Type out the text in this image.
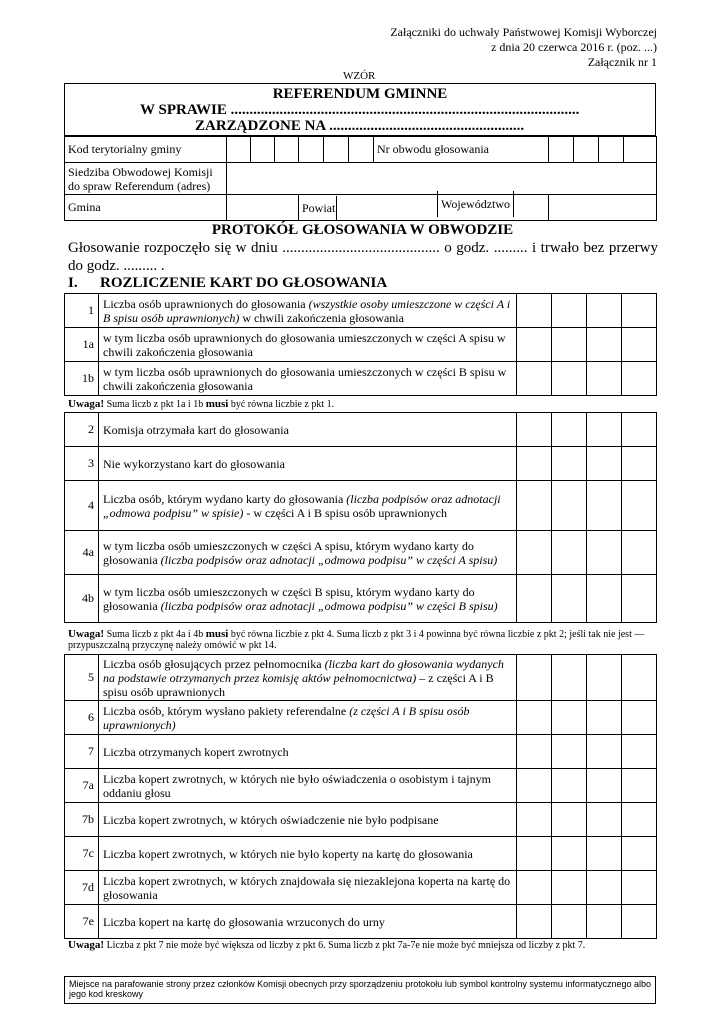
Załączniki do uchwały Państwowej Komisji Wyborczej
z dnia 20 czerwca 2016 r. (poz. ...)
Załącznik nr 1
WZÓR
REFERENDUM GMINNE
W SPRAWIE .............................................................................................
ZARZĄDZONE NA ....................................................
Kod terytorialny gminy							Nr obwodu głosowania				
Siedziba Obwodowej Komisji do spraw Referendum (adres)											
Gmina				Powiat								Województwo
PROTOKÓŁ GŁOSOWANIA W OBWODZIE
Głosowanie rozpoczęło się w dniu .......................................... o godz. ......... i trwało bez przerwy do godz. ......... .
I. ROZLICZENIE KART DO GŁOSOWANIA
1	Liczba osób uprawnionych do głosowania (wszystkie osoby umieszczone w części A i B spisu osób uprawnionych) w chwili zakończenia głosowania				
1a	w tym liczba osób uprawnionych do głosowania umieszczonych w części A spisu w chwili zakończenia głosowania				
1b	w tym liczba osób uprawnionych do głosowania umieszczonych w części B spisu w chwili zakończenia głosowania				
Uwaga! Suma liczb z pkt 1a i 1b musi być równa liczbie z pkt 1.
2	Komisja otrzymała kart do głosowania				
3	Nie wykorzystano kart do głosowania				
4	Liczba osób, którym wydano karty do głosowania (liczba podpisów oraz adnotacji „odmowa podpisu” w spisie) - w części A i B spisu osób uprawnionych				
4a	w tym liczba osób umieszczonych w części A spisu, którym wydano karty do głosowania (liczba podpisów oraz adnotacji „odmowa podpisu” w części A spisu)				
4b	w tym liczba osób umieszczonych w części B spisu, którym wydano karty do głosowania (liczba podpisów oraz adnotacji „odmowa podpisu” w części B spisu)				
Uwaga! Suma liczb z pkt 4a i 4b musi być równa liczbie z pkt 4. Suma liczb z pkt 3 i 4 powinna być równa liczbie z pkt 2; jeśli tak nie jest — przypuszczalną przyczynę należy omówić w pkt 14.
5	Liczba osób głosujących przez pełnomocnika (liczba kart do głosowania wydanych na podstawie otrzymanych przez komisję aktów pełnomocnictwa) – z części A i B spisu osób uprawnionych				
6	Liczba osób, którym wysłano pakiety referendalne (z części A i B spisu osób uprawnionych)				
7	Liczba otrzymanych kopert zwrotnych				
7a	Liczba kopert zwrotnych, w których nie było oświadczenia o osobistym i tajnym oddaniu głosu				
7b	Liczba kopert zwrotnych, w których oświadczenie nie było podpisane				
7c	Liczba kopert zwrotnych, w których nie było koperty na kartę do głosowania				
7d	Liczba kopert zwrotnych, w których znajdowała się niezaklejona koperta na kartę do głosowania				
7e	Liczba kopert na kartę do głosowania wrzuconych do urny				
Uwaga! Liczba z pkt 7 nie może być większa od liczby z pkt 6. Suma liczb z pkt 7a-7e nie może być mniejsza od liczby z pkt 7.
Miejsce na parafowanie strony przez członków Komisji obecnych przy sporządzeniu protokołu lub symbol kontrolny systemu informatycznego albo jego kod kreskowy
